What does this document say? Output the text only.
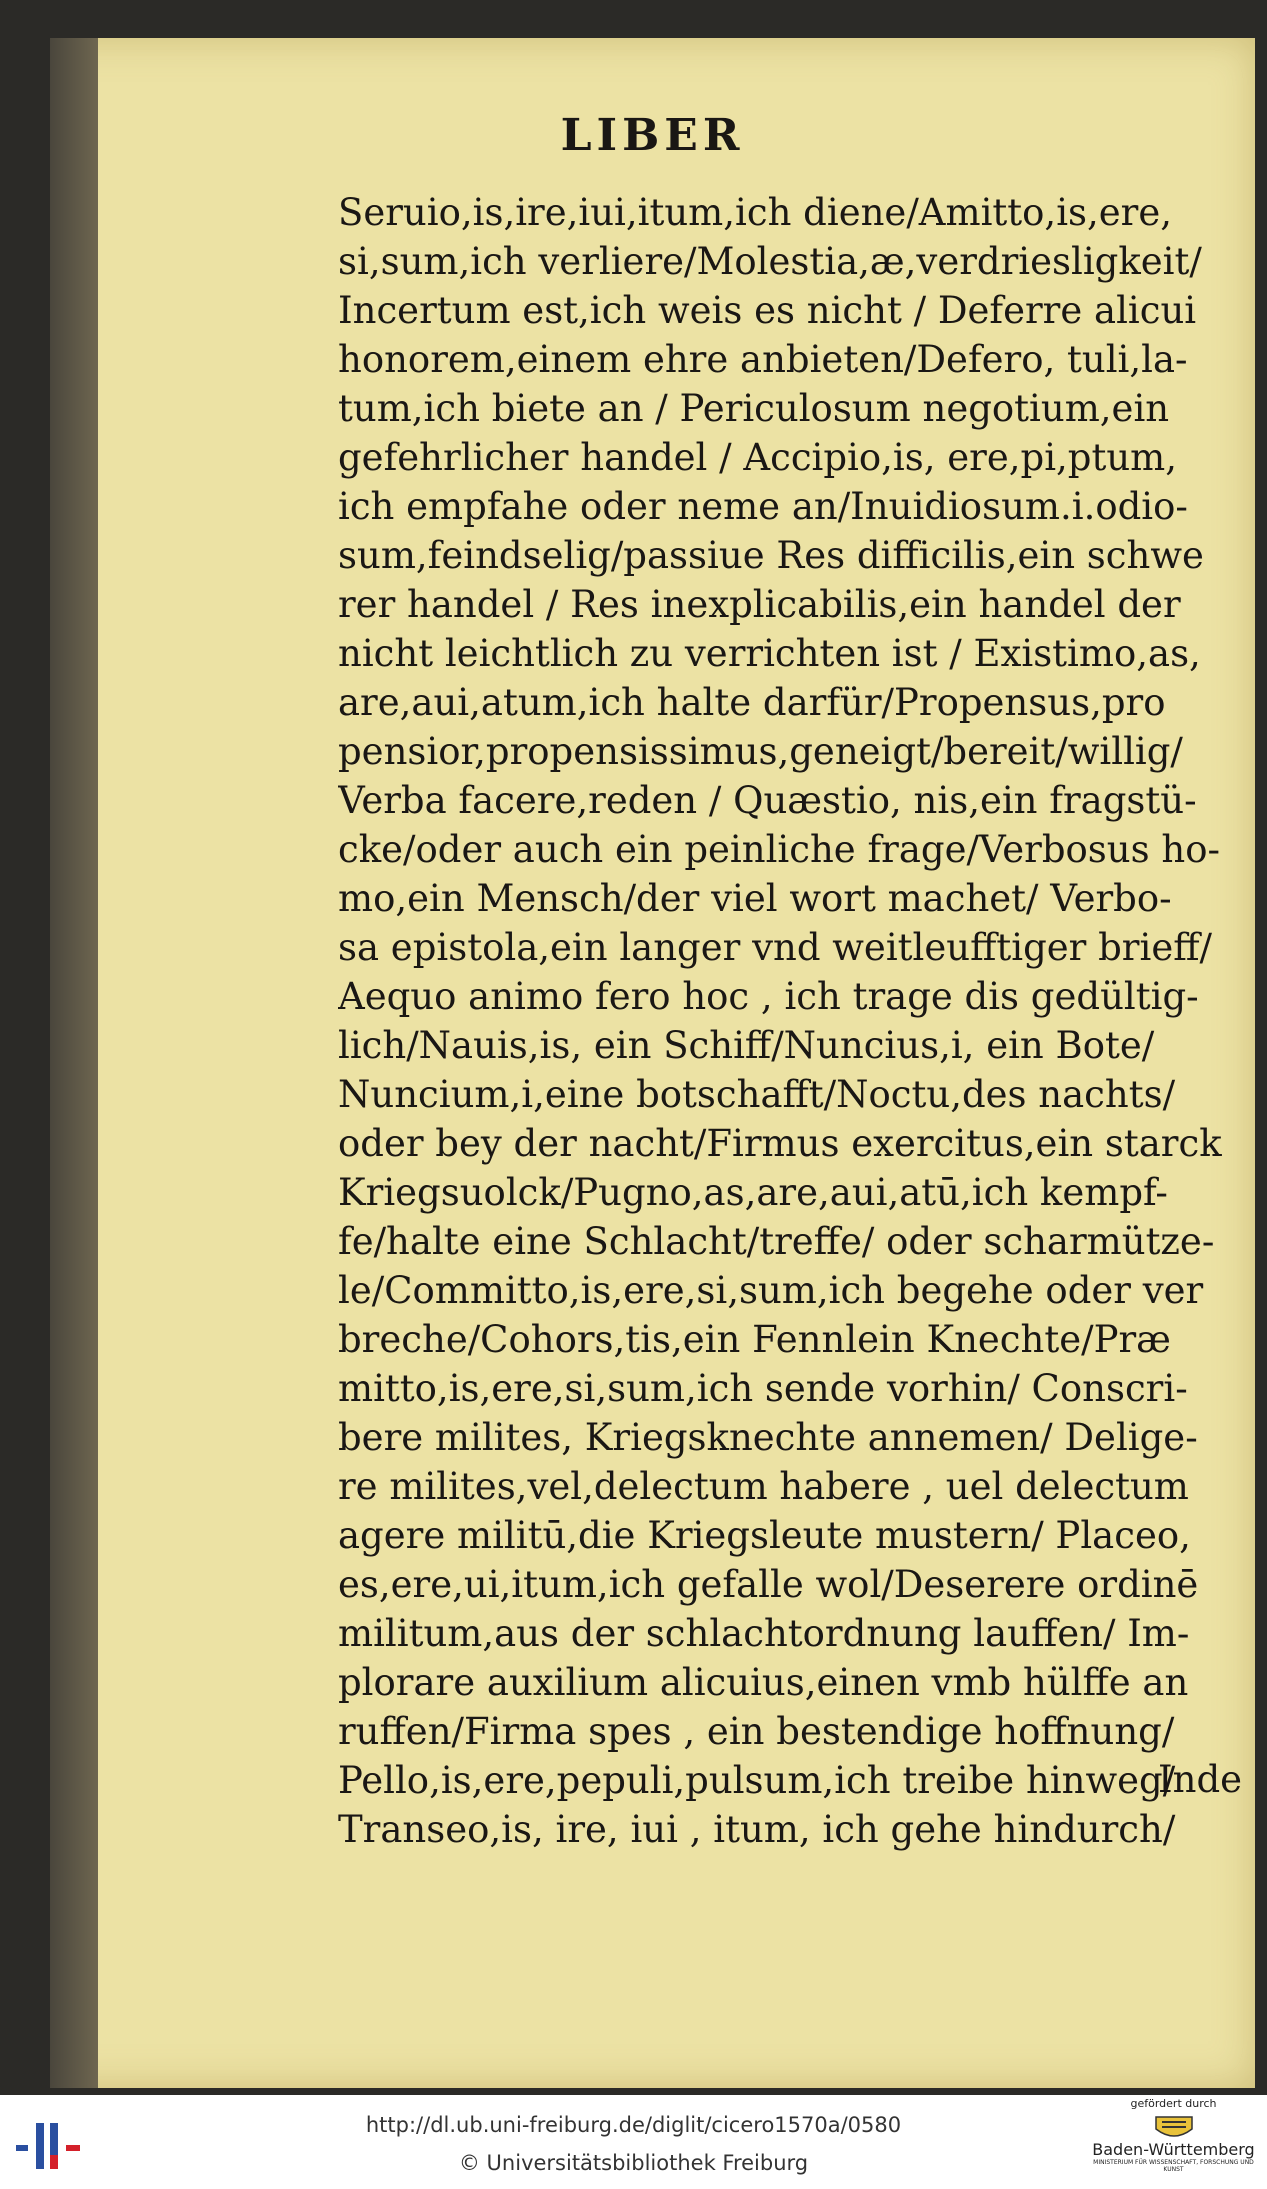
LIBER
Seruio,is,ire,iui,itum,ich diene/Amitto,is,ere,
si,sum,ich verliere/Molestia,æ,verdriesligkeit/
Incertum est,ich weis es nicht / Deferre alicui
honorem,einem ehre anbieten/Defero, tuli,la-
tum,ich biete an / Periculosum negotium,ein
gefehrlicher handel / Accipio,is, ere,pi,ptum,
ich empfahe oder neme an/Inuidiosum.i.odio-
sum,feindselig/passiue Res difficilis,ein schwe
rer handel / Res inexplicabilis,ein handel der
nicht leichtlich zu verrichten ist / Existimo,as,
are,aui,atum,ich halte darfür/Propensus,pro
pensior,propensissimus,geneigt/bereit/willig/
Verba facere,reden / Quæstio, nis,ein fragstü-
cke/oder auch ein peinliche frage/Verbosus ho-
mo,ein Mensch/der viel wort machet/ Verbo-
sa epistola,ein langer vnd weitleufftiger brieff/
Aequo animo fero hoc , ich trage dis gedültig-
lich/Nauis,is, ein Schiff/Nuncius,i, ein Bote/
Nuncium,i,eine botschafft/Noctu,des nachts/
oder bey der nacht/Firmus exercitus,ein starck
Kriegsuolck/Pugno,as,are,aui,atū,ich kempf-
fe/halte eine Schlacht/treffe/ oder scharmütze-
le/Committo,is,ere,si,sum,ich begehe oder ver
breche/Cohors,tis,ein Fennlein Knechte/Præ
mitto,is,ere,si,sum,ich sende vorhin/ Conscri-
bere milites, Kriegsknechte annemen/ Delige-
re milites,vel,delectum habere , uel delectum
agere militū,die Kriegsleute mustern/ Placeo,
es,ere,ui,itum,ich gefalle wol/Deserere ordinē
militum,aus der schlachtordnung lauffen/ Im-
plorare auxilium alicuius,einen vmb hülffe an
ruffen/Firma spes , ein bestendige hoffnung/
Pello,is,ere,pepuli,pulsum,ich treibe hinweg/
Transeo,is, ire, iui , itum, ich gehe hindurch/
Inde
http://dl.ub.uni-freiburg.de/diglit/cicero1570a/0580
© Universitätsbibliothek Freiburg
gefördert durch
Baden-Württemberg
MINISTERIUM FÜR WISSENSCHAFT, FORSCHUNG UND KUNST
